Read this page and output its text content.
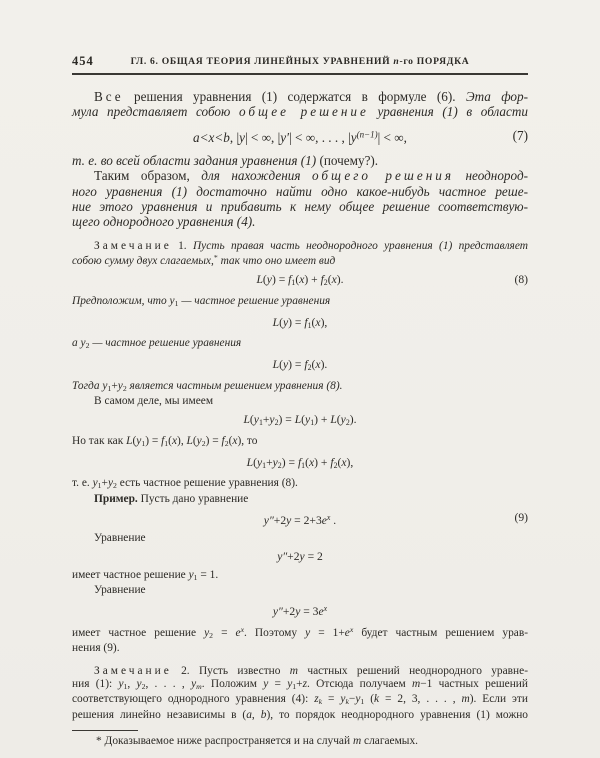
454	ГЛ. 6. ОБЩАЯ ТЕОРИЯ ЛИНЕЙНЫХ УРАВНЕНИЙ n-го ПОРЯДКА
Все решения уравнения (1) содержатся в формуле (6). Эта фор-
мула представляет собою общее решение уравнения (1) в области
a<x<b, |y| < ∞, |y′| < ∞, . . . , $|y^{(n-1)}|$ < ∞,	(7)
т. е. во всей области задания уравнения (1) (почему?).
Таким образом, для нахождения общего решения неоднород-
ного уравнения (1) достаточно найти одно какое-нибудь частное реше-
ние этого уравнения и прибавить к нему общее решение соответствую-
щего однородного уравнения (4).
Замечание 1. Пусть правая часть неоднородного уравнения (1) представляет
собою сумму двух слагаемых,* так что оно имеет вид
$L(y) = f_1(x) + f_2(x)$.	(8)
Предположим, что $y_1$ — частное решение уравнения
$L(y) = f_1(x)$,
а $y_2$ — частное решение уравнения
$L(y) = f_2(x)$.
Тогда $y_1+y_2$ является частным решением уравнения (8).
В самом деле, мы имеем
$L(y_1+y_2) = L(y_1) + L(y_2)$.
Но так как $L(y_1) = f_1(x)$, $L(y_2) = f_2(x)$, то
$L(y_1+y_2) = f_1(x) + f_2(x)$,
т. е. $y_1+y_2$ есть частное решение уравнения (8).
Пример. Пусть дано уравнение
$y''+2y = 2+3e^x$ .	(9)
Уравнение
y″+2y = 2
имеет частное решение $y_1 = 1$.
Уравнение
$y''+2y = 3e^x$
имеет частное решение $y_2 = e^x$. Поэтому $y = 1+e^x$ будет частным решением урав-
нения (9).
Замечание 2. Пусть известно m частных решений неоднородного уравне-
ния (1): $y_1$, $y_2$, . . . , $y_m$. Положим $y = y_1+z$. Отсюда получаем m−1 частных решений
соответствующего однородного уравнения (4): $z_k = y_k-y_1$ (k = 2, 3, . . . , m). Если эти
решения линейно независимы в (a, b), то порядок неоднородного уравнения (1) можно
* Доказываемое ниже распространяется и на случай m слагаемых.
